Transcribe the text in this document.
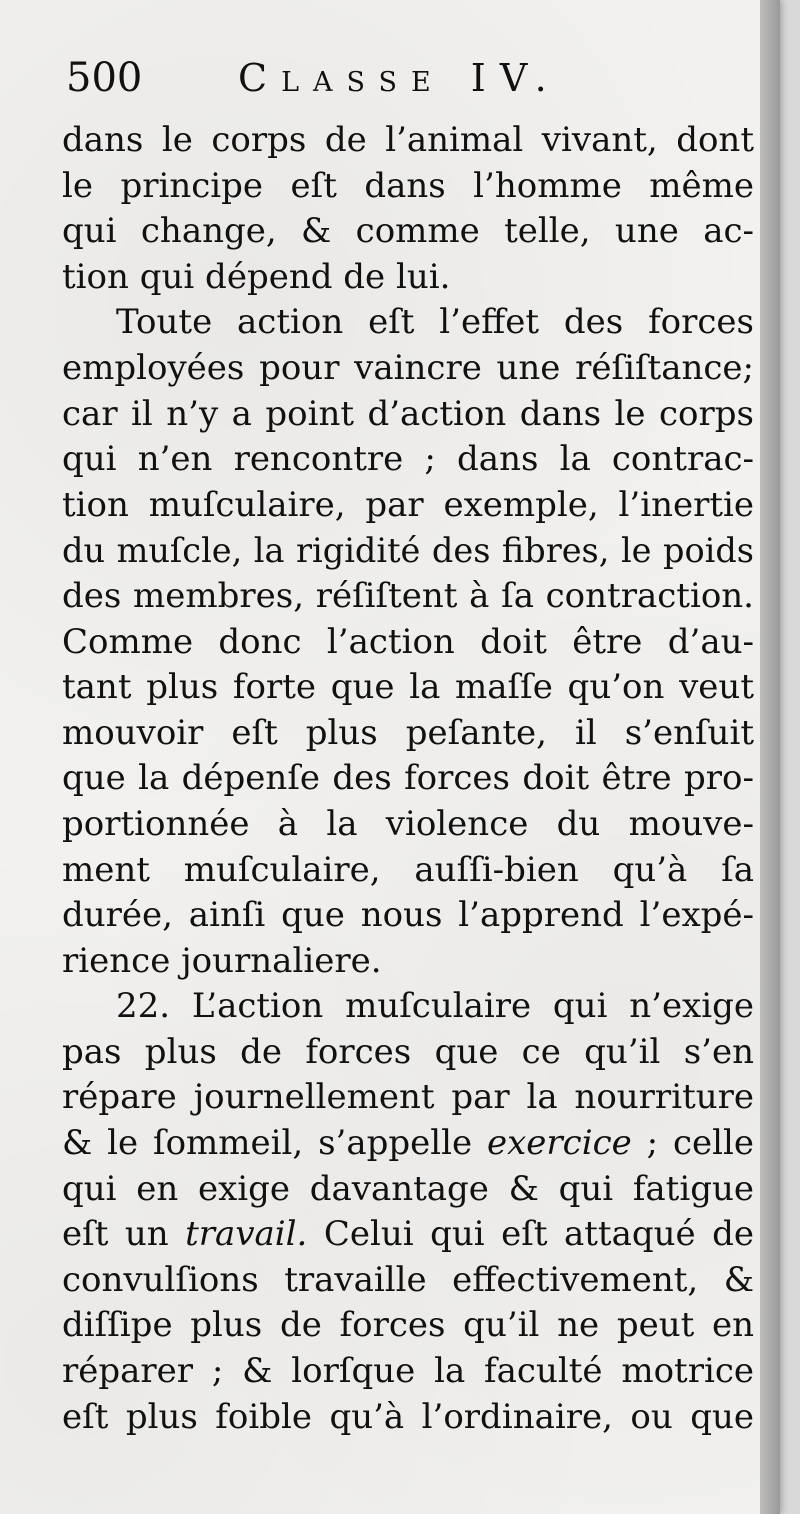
500	Classe IV.
dans le corps de l’animal vivant, dont
le principe eſt dans l’homme même
qui change, & comme telle, une ac-
tion qui dépend de lui.
Toute action eſt l’effet des forces
employées pour vaincre une réſiſtance;
car il n’y a point d’action dans le corps
qui n’en rencontre ; dans la contrac-
tion muſculaire, par exemple, l’inertie
du muſcle, la rigidité des fibres, le poids
des membres, réſiſtent à ſa contraction.
Comme donc l’action doit être d’au-
tant plus forte que la maſſe qu’on veut
mouvoir eſt plus peſante, il s’enſuit
que la dépenſe des forces doit être pro-
portionnée à la violence du mouve-
ment muſculaire, auſſi-bien qu’à ſa
durée, ainſi que nous l’apprend l’expé-
rience journaliere.
22. L’action muſculaire qui n’exige
pas plus de forces que ce qu’il s’en
répare journellement par la nourriture
& le ſommeil, s’appelle exercice ; celle
qui en exige davantage & qui fatigue
eſt un travail. Celui qui eſt attaqué de
convulſions travaille effectivement, &
diſſipe plus de forces qu’il ne peut en
réparer ; & lorſque la faculté motrice
eſt plus foible qu’à l’ordinaire, ou que
